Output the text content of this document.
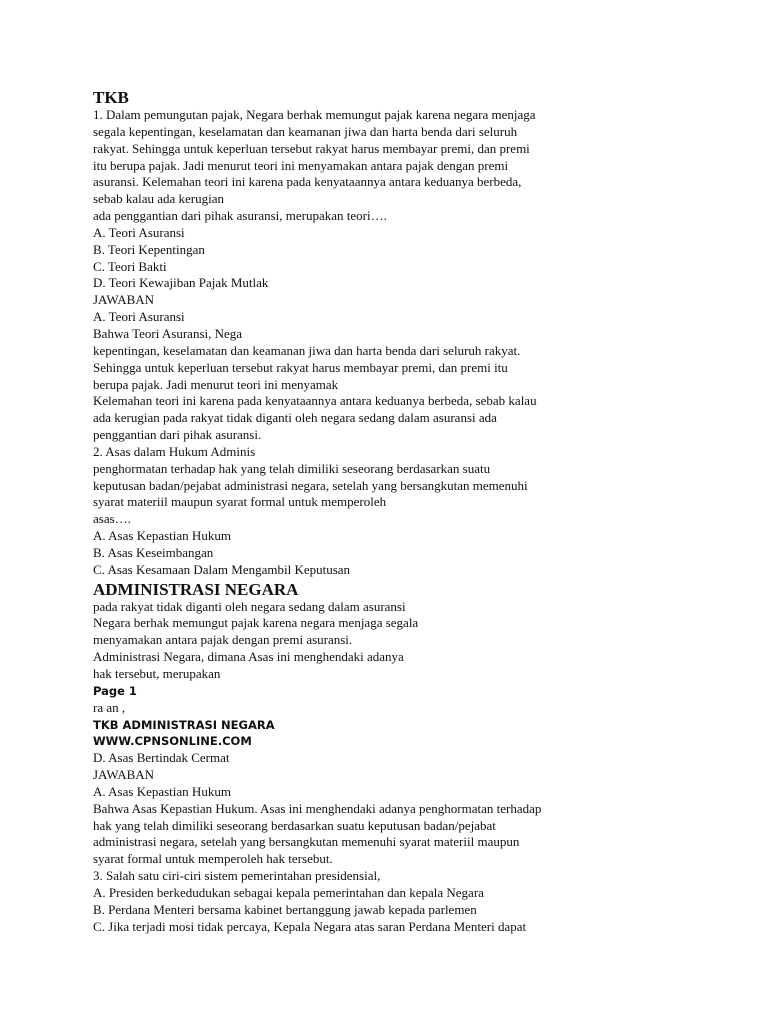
TKB
1. Dalam pemungutan pajak, Negara berhak memungut pajak karena negara menjaga
segala kepentingan, keselamatan dan keamanan jiwa dan harta benda dari seluruh
rakyat. Sehingga untuk keperluan tersebut rakyat harus membayar premi, dan premi
itu berupa pajak. Jadi menurut teori ini menyamakan antara pajak dengan premi
asuransi. Kelemahan teori ini karena pada kenyataannya antara keduanya berbeda,
sebab kalau ada kerugian
ada penggantian dari pihak asuransi, merupakan teori….
A. Teori Asuransi
B. Teori Kepentingan
C. Teori Bakti
D. Teori Kewajiban Pajak Mutlak
JAWABAN
A. Teori Asuransi
Bahwa Teori Asuransi, Nega
kepentingan, keselamatan dan keamanan jiwa dan harta benda dari seluruh rakyat.
Sehingga untuk keperluan tersebut rakyat harus membayar premi, dan premi itu
berupa pajak. Jadi menurut teori ini menyamak
Kelemahan teori ini karena pada kenyataannya antara keduanya berbeda, sebab kalau
ada kerugian pada rakyat tidak diganti oleh negara sedang dalam asuransi ada
penggantian dari pihak asuransi.
2. Asas dalam Hukum Adminis
penghormatan terhadap hak yang telah dimiliki seseorang berdasarkan suatu
keputusan badan/pejabat administrasi negara, setelah yang bersangkutan memenuhi
syarat materiil maupun syarat formal untuk memperoleh
asas….
A. Asas Kepastian Hukum
B. Asas Keseimbangan
C. Asas Kesamaan Dalam Mengambil Keputusan
ADMINISTRASI NEGARA
pada rakyat tidak diganti oleh negara sedang dalam asuransi
Negara berhak memungut pajak karena negara menjaga segala
menyamakan antara pajak dengan premi asuransi.
Administrasi Negara, dimana Asas ini menghendaki adanya
hak tersebut, merupakan
Page 1
ra an ,
TKB ADMINISTRASI NEGARA
WWW.CPNSONLINE.COM
D. Asas Bertindak Cermat
JAWABAN
A. Asas Kepastian Hukum
Bahwa Asas Kepastian Hukum. Asas ini menghendaki adanya penghormatan terhadap
hak yang telah dimiliki seseorang berdasarkan suatu keputusan badan/pejabat
administrasi negara, setelah yang bersangkutan memenuhi syarat materiil maupun
syarat formal untuk memperoleh hak tersebut.
3. Salah satu ciri-ciri sistem pemerintahan presidensial,
A. Presiden berkedudukan sebagai kepala pemerintahan dan kepala Negara
B. Perdana Menteri bersama kabinet bertanggung jawab kepada parlemen
C. Jika terjadi mosi tidak percaya, Kepala Negara atas saran Perdana Menteri dapat
